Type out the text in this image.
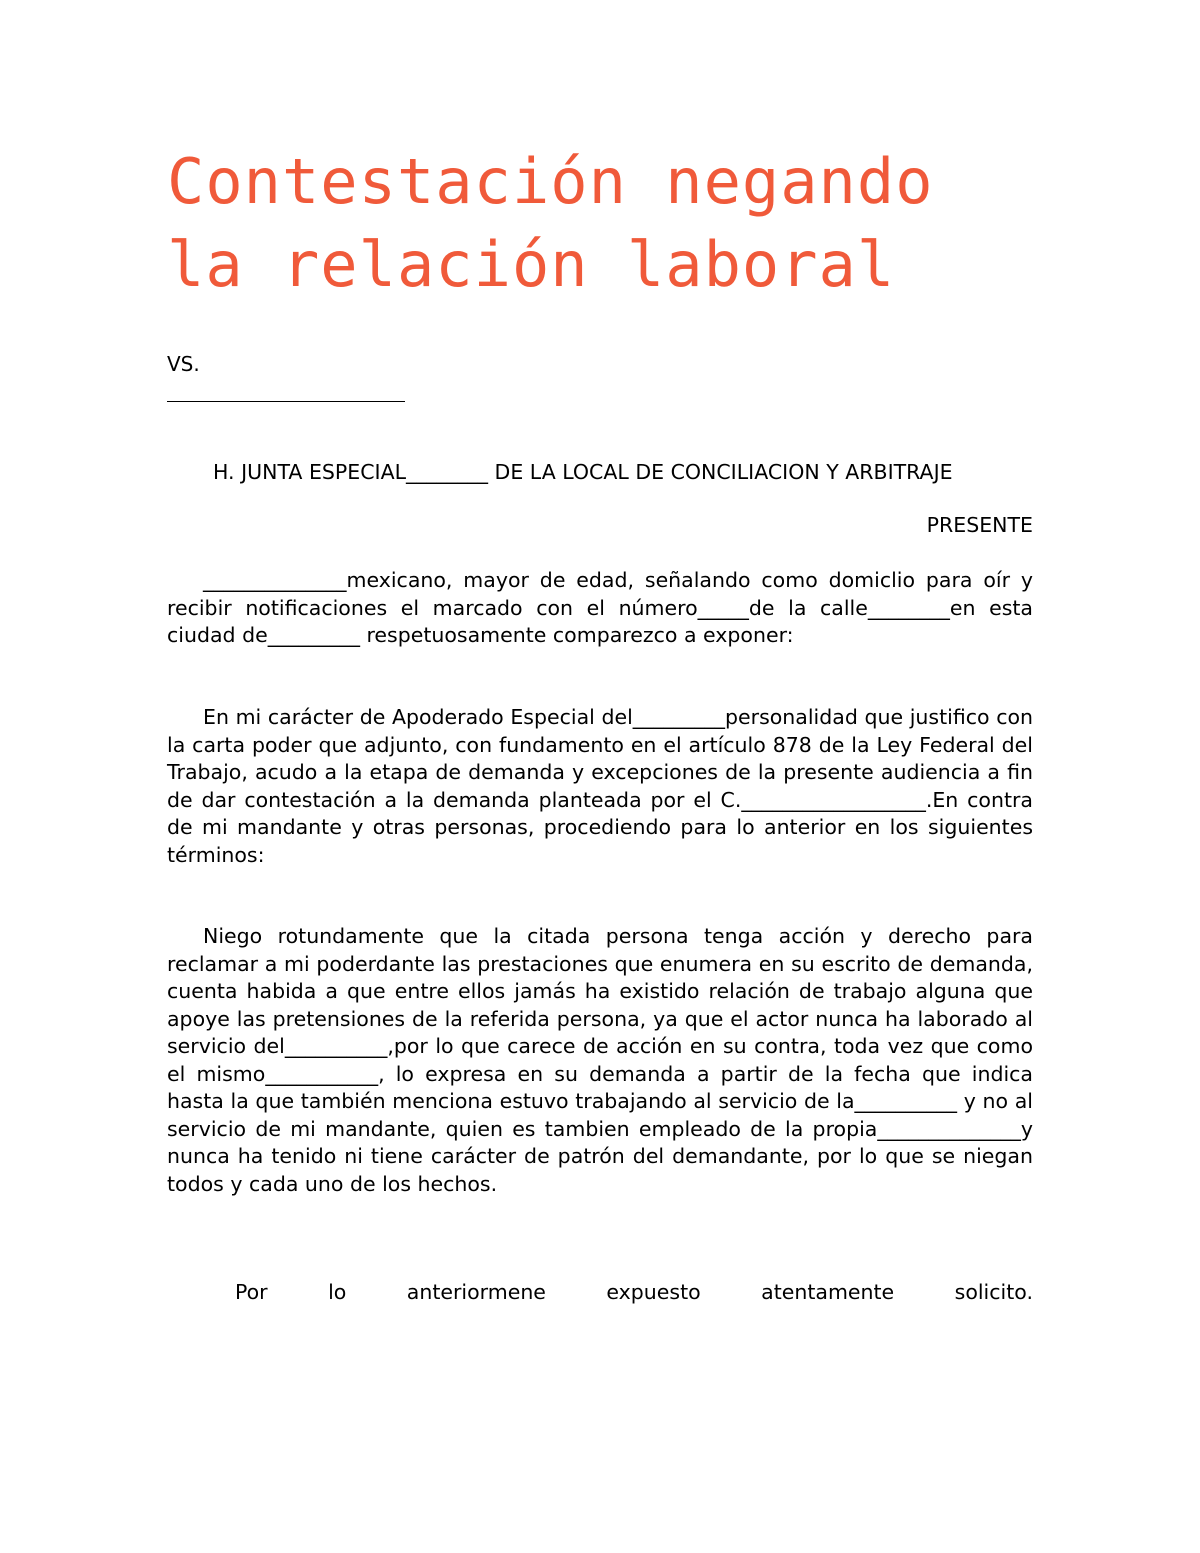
Contestación negando
la relación laboral
VS.

H. JUNTA ESPECIAL________ DE LA LOCAL DE CONCILIACION Y ARBITRAJE

PRESENTE

______________mexicano, mayor de edad, señalando como domiclio para oír y recibir notificaciones el marcado con el número_____de la calle________en esta ciudad de_________ respetuosamente comparezco a exponer:

En mi carácter de Apoderado Especial del_________personalidad que justifico con la carta poder que adjunto, con fundamento en el artículo 878 de la Ley Federal del Trabajo, acudo a la etapa de demanda y excepciones de la presente audiencia a fin de dar contestación a la demanda planteada por el C.__________________.En contra de mi mandante y otras personas, procediendo para lo anterior en los siguientes términos:

Niego rotundamente que la citada persona tenga acción y derecho para reclamar a mi poderdante las prestaciones que enumera en su escrito de demanda, cuenta habida a que entre ellos jamás ha existido relación de trabajo alguna que apoye las pretensiones de la referida persona, ya que el actor nunca ha laborado al servicio del__________,por lo que carece de acción en su contra, toda vez que como el mismo___________, lo expresa en su demanda a partir de la fecha que indica hasta la que también menciona estuvo trabajando al servicio de la__________ y no al servicio de mi mandante, quien es tambien empleado de la propia______________y nunca ha tenido ni tiene carácter de patrón del demandante, por lo que se niegan todos y cada uno de los hechos.

Por	lo	anteriormene	expuesto	atentamente	solicito.
